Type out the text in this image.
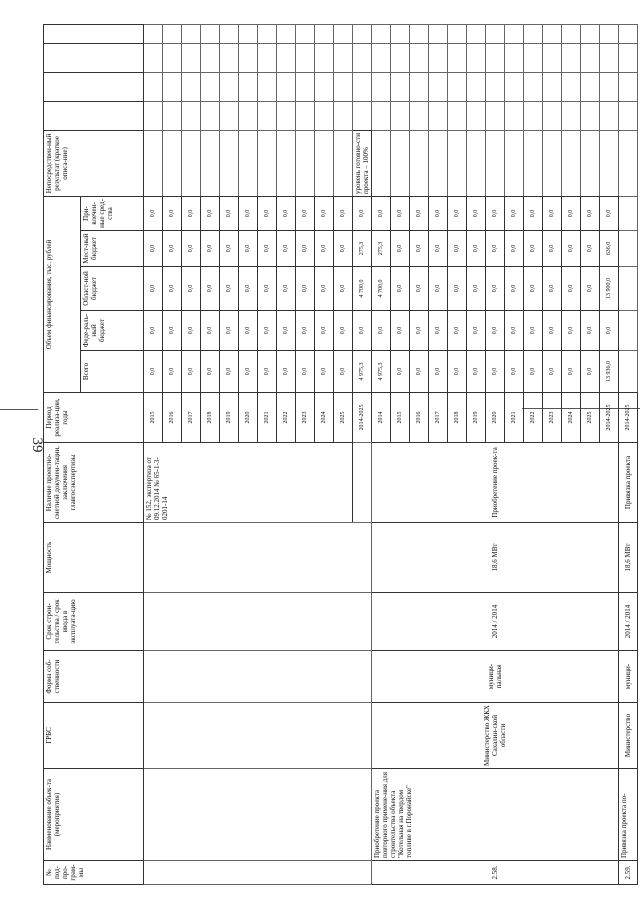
39
№ под-про-грам-мы	Наименование объек-та (мероприятия)	ГРБС	Форма соб-ственности	Срок строи-тельства / срок ввода в эксплуата-цию	Мощность	Наличие проектно-сметной докумен-тации, заключения главгосэкспертизы	Период реализа-ции, годы	Объем финансирования, тыс. рублей					Непосредствен-ный результат (краткое описа-ние)				
								Всего	Феде-раль-ный бюджет	Област-ной бюджет	Мест-ный бюджет	При-влечен-ные сред-ства					
						№ 152, экспертиза от 09.12.2014 № 65-1-3-0201-14	2015	0,0	0,0	0,0	0,0	0,0					
							2016	0,0	0,0	0,0	0,0	0,0					
							2017	0,0	0,0	0,0	0,0	0,0					
							2018	0,0	0,0	0,0	0,0	0,0					
							2019	0,0	0,0	0,0	0,0	0,0					
							2020	0,0	0,0	0,0	0,0	0,0					
							2021	0,0	0,0	0,0	0,0	0,0					
							2022	0,0	0,0	0,0	0,0	0,0					
							2023	0,0	0,0	0,0	0,0	0,0					
							2024	0,0	0,0	0,0	0,0	0,0					
							2025	0,0	0,0	0,0	0,0	0,0					
							2014-2025	4 975,3	0,0	4 700,0	275,3	0,0	уровень готовно-сти проекта – 100%				
2.58.	Приобретение проекта повторного примене-ния для строительства объекта "Котельная на твердом топливе в г.Поронайске"	Министерство ЖКХ Сахалин-ской области	муници-пальная	2014 / 2014	18,6 МВт	Приобретение проек-та	2014	4 975,3	0,0	4 700,0	275,3	0,0					
							2015	0,0	0,0	0,0	0,0	0,0					
							2016	0,0	0,0	0,0	0,0	0,0					
							2017	0,0	0,0	0,0	0,0	0,0					
							2018	0,0	0,0	0,0	0,0	0,0					
							2019	0,0	0,0	0,0	0,0	0,0					
							2020	0,0	0,0	0,0	0,0	0,0					
							2021	0,0	0,0	0,0	0,0	0,0					
							2022	0,0	0,0	0,0	0,0	0,0					
							2023	0,0	0,0	0,0	0,0	0,0					
							2024	0,0	0,0	0,0	0,0	0,0					
							2025	0,0	0,0	0,0	0,0	0,0					
							2014-2025	13 936,0	0,0	13 900,0	636,0	0,0					
2.59.	Привязка проекта по-	Министерство	муници-	2014 / 2014	18,6 МВт	Привязка проекта	2014-2025										
